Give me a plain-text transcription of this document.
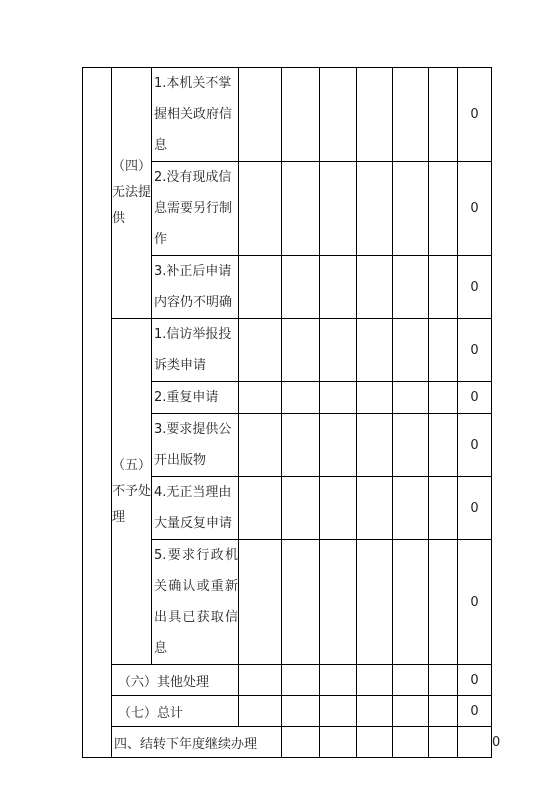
	（四）无法提供	1.本机关不掌握相关政府信息							0	
		2.没有现成信息需要另行制作							0	
		3.补正后申请内容仍不明确							0	
	（五）不予处理	1.信访举报投诉类申请							0	
		2.重复申请							0	
		3.要求提供公开出版物							0	
		4.无正当理由大量反复申请							0	
		5.要求行政机关确认或重新出具已获取信息							0	
	（六）其他处理								0	
	（七）总计								0	
	四、结转下年度继续办理									0
